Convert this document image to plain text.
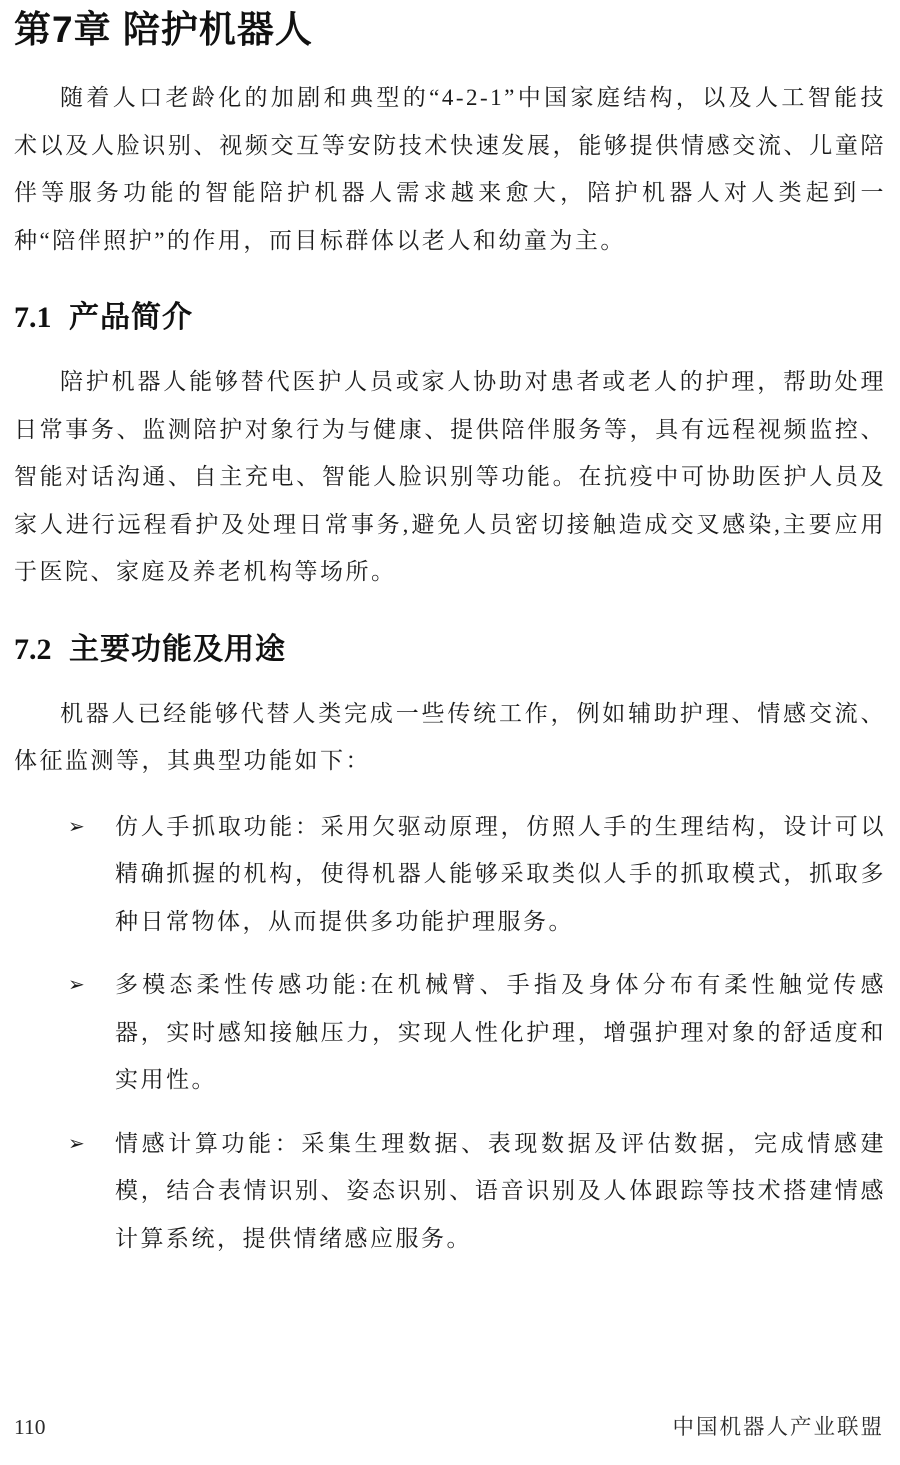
第7章 陪护机器人

随着人口老龄化的加剧和典型的“4-2-1”中国家庭结构，以及人工智能技术以及人脸识别、视频交互等安防技术快速发展，能够提供情感交流、儿童陪伴等服务功能的智能陪护机器人需求越来愈大，陪护机器人对人类起到一种“陪伴照护”的作用，而目标群体以老人和幼童为主。

7.1 产品简介

陪护机器人能够替代医护人员或家人协助对患者或老人的护理，帮助处理日常事务、监测陪护对象行为与健康、提供陪伴服务等，具有远程视频监控、智能对话沟通、自主充电、智能人脸识别等功能。在抗疫中可协助医护人员及家人进行远程看护及处理日常事务,避免人员密切接触造成交叉感染,主要应用于医院、家庭及养老机构等场所。

7.2 主要功能及用途

机器人已经能够代替人类完成一些传统工作，例如辅助护理、情感交流、体征监测等，其典型功能如下：

➢	仿人手抓取功能：采用欠驱动原理，仿照人手的生理结构，设计可以精确抓握的机构，使得机器人能够采取类似人手的抓取模式，抓取多种日常物体，从而提供多功能护理服务。
➢	多模态柔性传感功能:在机械臂、手指及身体分布有柔性触觉传感器，实时感知接触压力，实现人性化护理，增强护理对象的舒适度和实用性。
➢	情感计算功能：采集生理数据、表现数据及评估数据，完成情感建模，结合表情识别、姿态识别、语音识别及人体跟踪等技术搭建情感计算系统，提供情绪感应服务。
110	中国机器人产业联盟
